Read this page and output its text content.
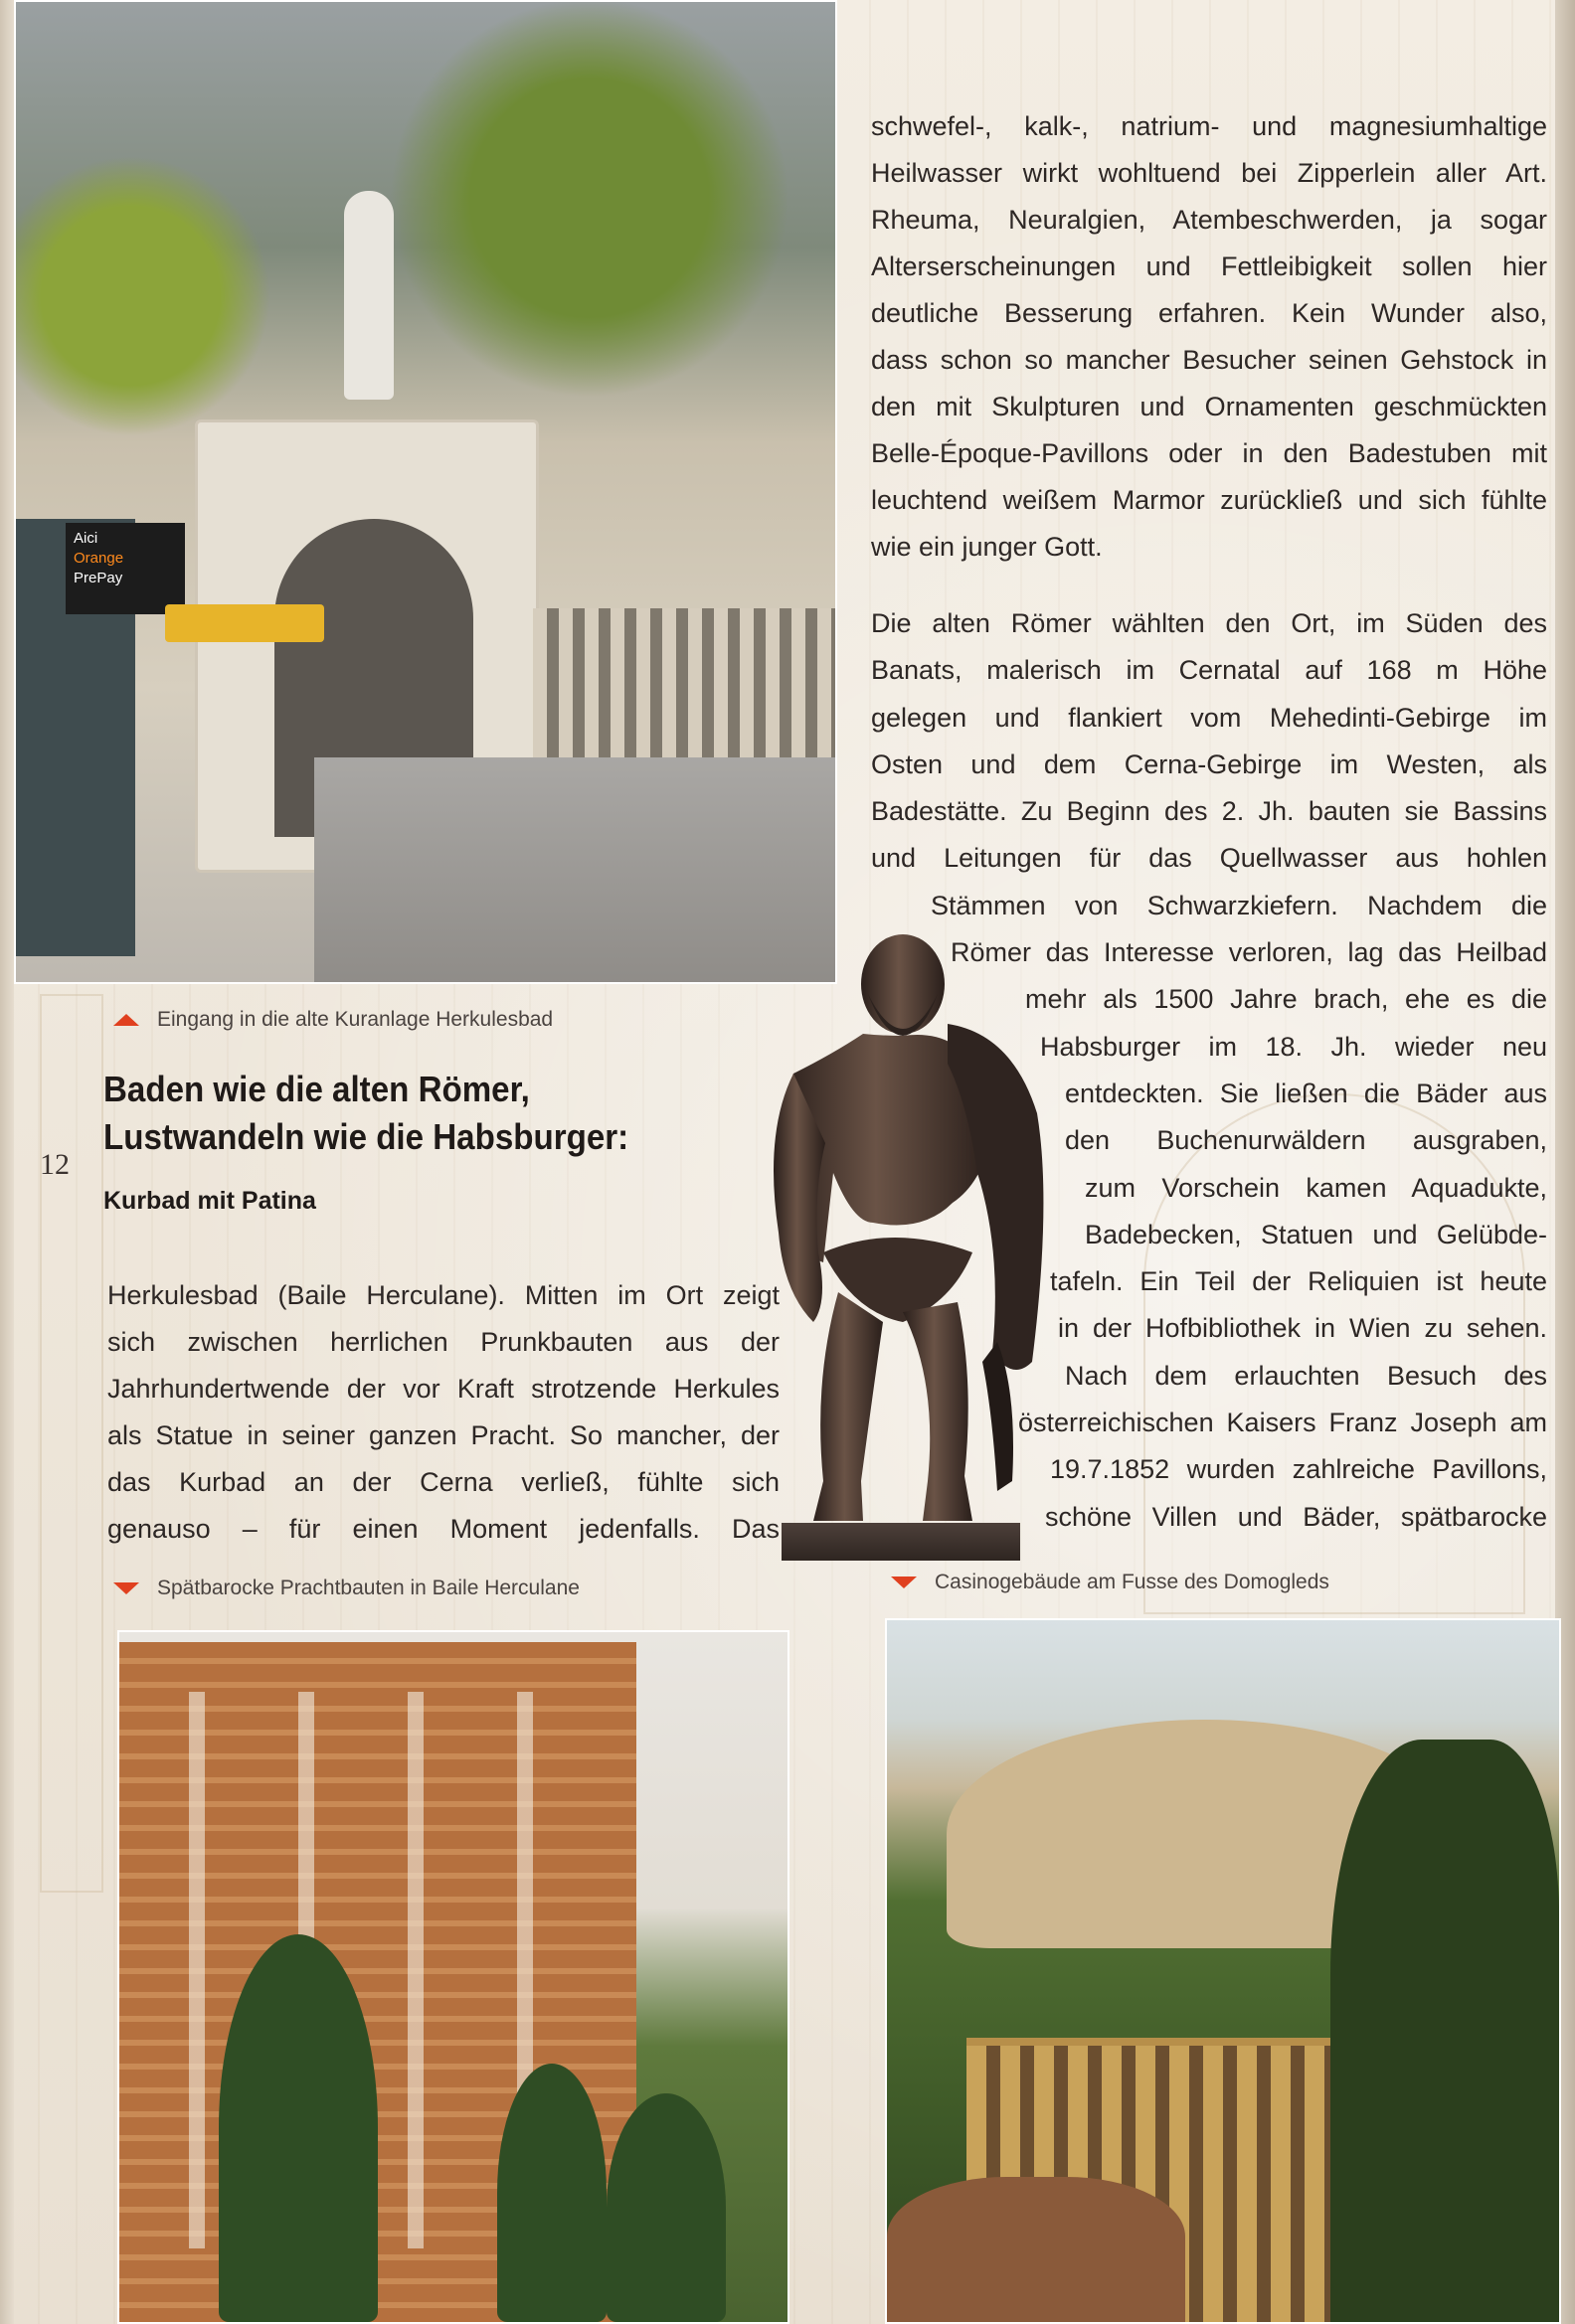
Aici
Orange
PrePay
Eingang in die alte Kuranlage Herkulesbad
12
Baden wie die alten Römer,
Lustwandeln wie die Habsburger:
Kurbad mit Patina

Herkulesbad (Baile Herculane). Mitten im Ort zeigt

sich zwischen herrlichen Prunkbauten aus der

Jahrhundertwende der vor Kraft strotzende Herkules

als Statue in seiner ganzen Pracht. So mancher, der

das Kurbad an der Cerna verließ, fühlte sich

genauso – für einen Moment jedenfalls. Das

schwefel-, kalk-, natrium- und magnesiumhaltige

Heilwasser wirkt wohltuend bei Zipperlein aller Art.

Rheuma, Neuralgien, Atembeschwerden, ja sogar

Alterserscheinungen und Fettleibigkeit sollen hier

deutliche Besserung erfahren. Kein Wunder also,

dass schon so mancher Besucher seinen Gehstock in

den mit Skulpturen und Ornamenten geschmückten

Belle-Époque-Pavillons oder in den Badestuben mit

leuchtend weißem Marmor zurückließ und sich fühlte

wie ein junger Gott.

Die alten Römer wählten den Ort, im Süden des

Banats, malerisch im Cernatal auf 168 m Höhe

gelegen und flankiert vom Mehedinti-Gebirge im

Osten und dem Cerna-Gebirge im Westen, als

Badestätte. Zu Beginn des 2. Jh. bauten sie Bassins

und Leitungen für das Quellwasser aus hohlen

Stämmen von Schwarzkiefern. Nachdem die

Römer das Interesse verloren, lag das Heilbad

mehr als 1500 Jahre brach, ehe es die

Habsburger im 18. Jh. wieder neu

entdeckten. Sie ließen die Bäder aus

den Buchenurwäldern ausgraben,

zum Vorschein kamen Aquadukte,

Badebecken, Statuen und Gelübde-

tafeln. Ein Teil der Reliquien ist heute

in der Hofbibliothek in Wien zu sehen.

Nach dem erlauchten Besuch des

österreichischen Kaisers Franz Joseph am

19.7.1852 wurden zahlreiche Pavillons,

schöne Villen und Bäder, spätbarocke

Spätbarocke Prachtbauten in Baile Herculane	Casinogebäude am Fusse des Domogleds
